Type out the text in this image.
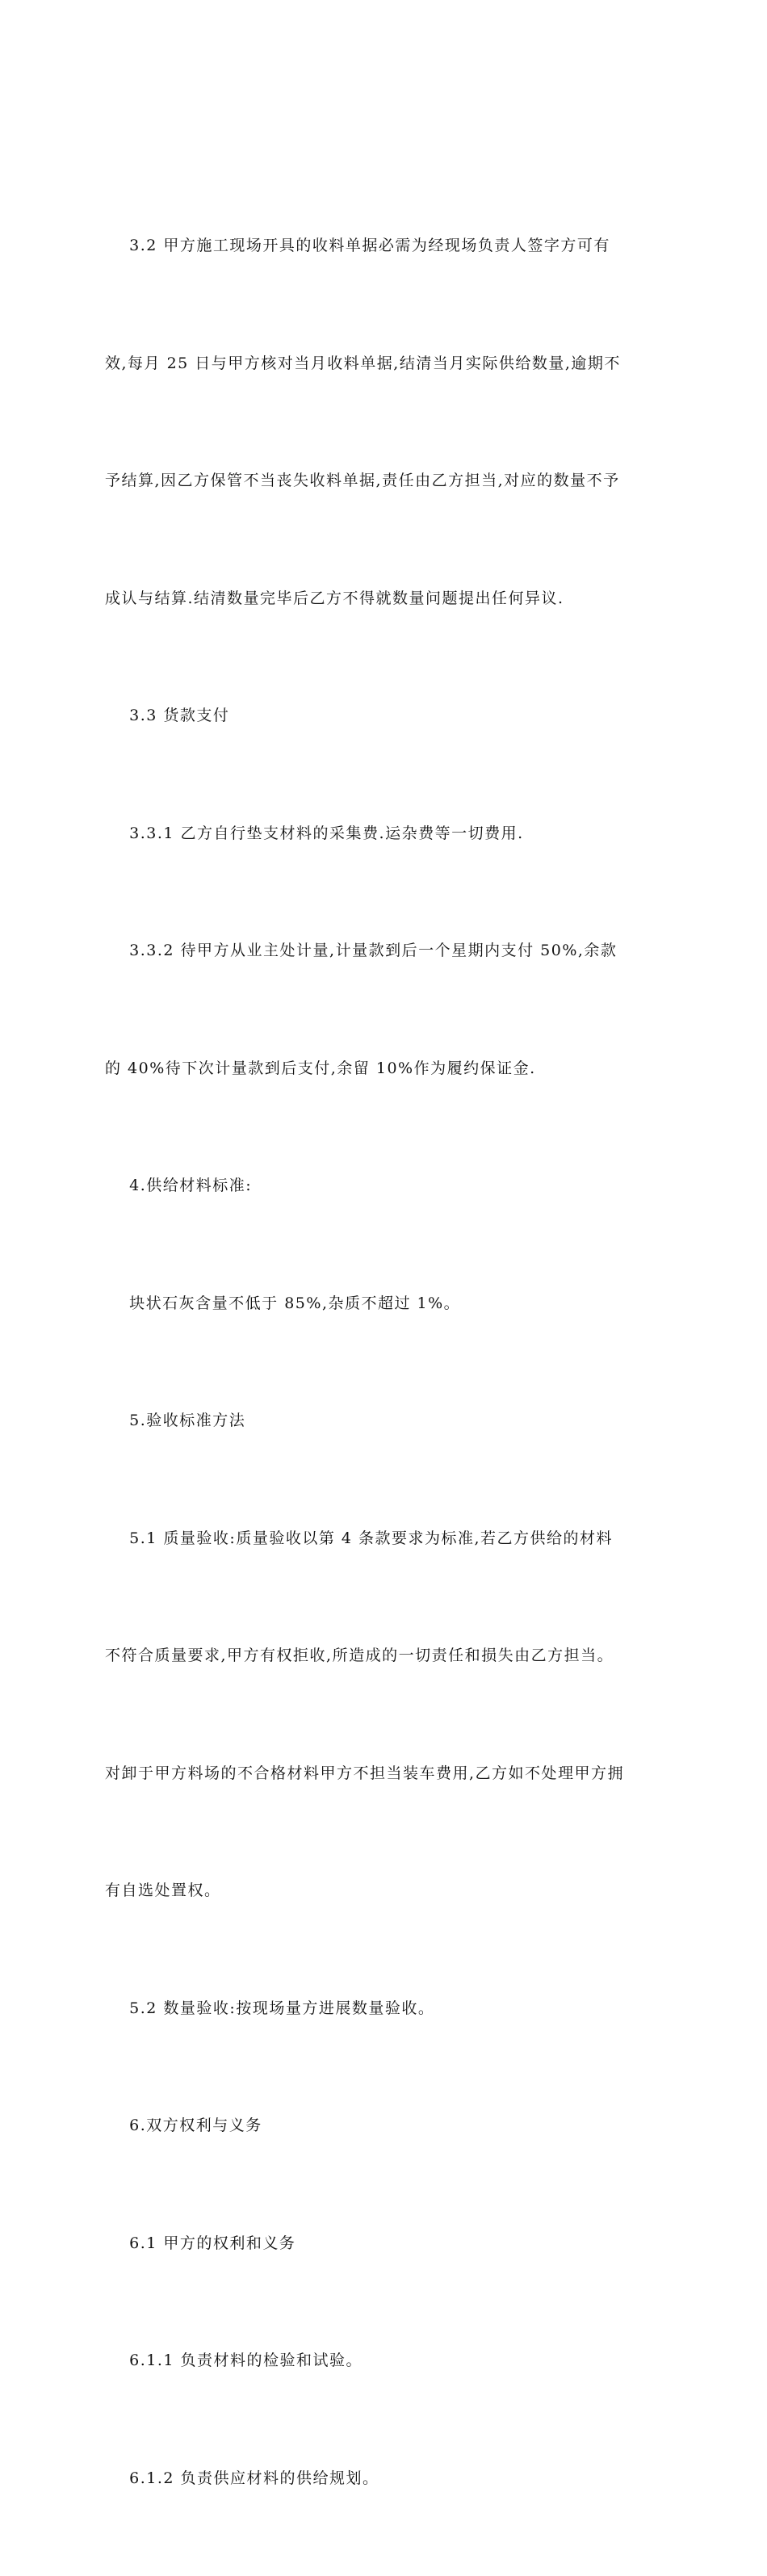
3.2 甲方施工现场开具的收料单据必需为经现场负责人签字方可有

效,每月 25 日与甲方核对当月收料单据,结清当月实际供给数量,逾期不

予结算,因乙方保管不当丧失收料单据,责任由乙方担当,对应的数量不予

成认与结算.结清数量完毕后乙方不得就数量问题提出任何异议.

3.3 货款支付

3.3.1 乙方自行垫支材料的采集费.运杂费等一切费用.

3.3.2 待甲方从业主处计量,计量款到后一个星期内支付 50%,余款

的 40%待下次计量款到后支付,余留 10%作为履约保证金.

4.供给材料标准:

块状石灰含量不低于 85%,杂质不超过 1%。

5.验收标准方法

5.1 质量验收:质量验收以第 4 条款要求为标准,若乙方供给的材料

不符合质量要求,甲方有权拒收,所造成的一切责任和损失由乙方担当。

对卸于甲方料场的不合格材料甲方不担当装车费用,乙方如不处理甲方拥

有自选处置权。

5.2 数量验收:按现场量方进展数量验收。

6.双方权利与义务

6.1 甲方的权利和义务

6.1.1 负责材料的检验和试验。

6.1.2 负责供应材料的供给规划。
